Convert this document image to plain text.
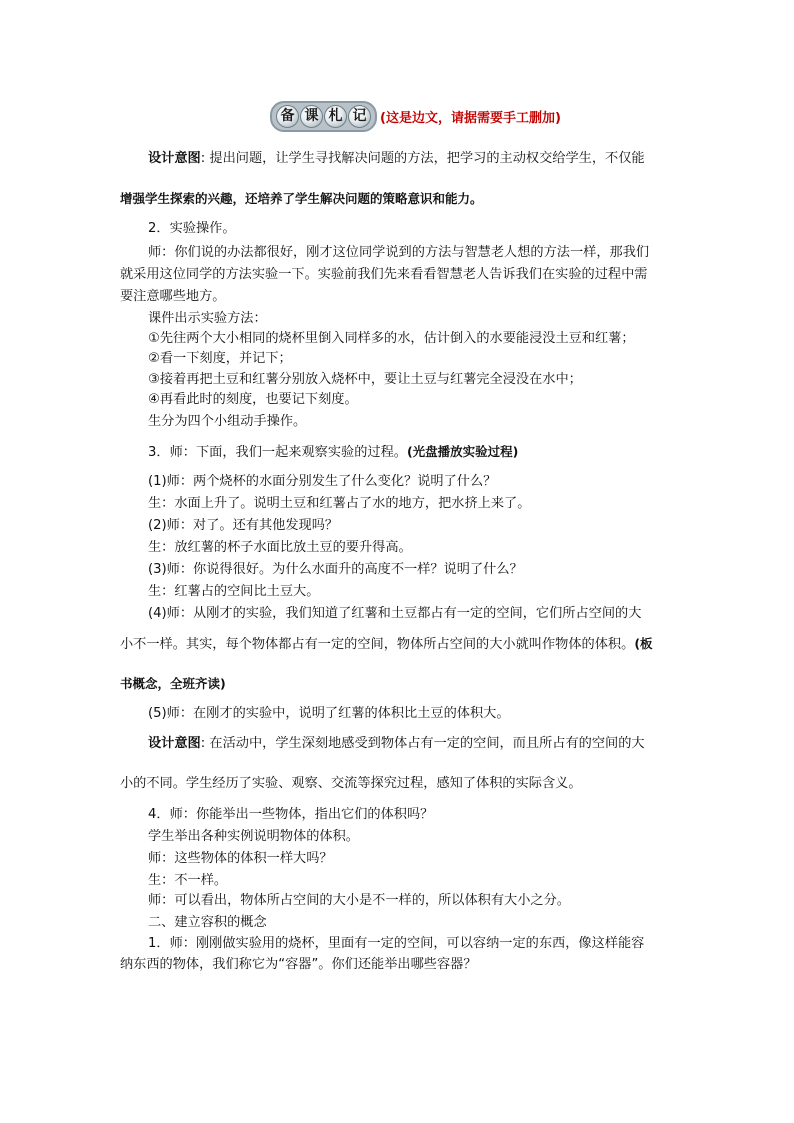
备 课 札 记	(这是边文，请据需要手工删加)
设计意图: 提出问题，让学生寻找解决问题的方法，把学习的主动权交给学生，不仅能
增强学生探索的兴趣，还培养了学生解决问题的策略意识和能力。
2．实验操作。
师：你们说的办法都很好，刚才这位同学说到的方法与智慧老人想的方法一样，那我们
就采用这位同学的方法实验一下。实验前我们先来看看智慧老人告诉我们在实验的过程中需
要注意哪些地方。
课件出示实验方法：
①先往两个大小相同的烧杯里倒入同样多的水，估计倒入的水要能浸没土豆和红薯；
②看一下刻度，并记下；
③接着再把土豆和红薯分别放入烧杯中，要让土豆与红薯完全浸没在水中；
④再看此时的刻度，也要记下刻度。
生分为四个小组动手操作。
3．师：下面，我们一起来观察实验的过程。(光盘播放实验过程)
(1)师：两个烧杯的水面分别发生了什么变化？说明了什么？
生：水面上升了。说明土豆和红薯占了水的地方，把水挤上来了。
(2)师：对了。还有其他发现吗？
生：放红薯的杯子水面比放土豆的要升得高。
(3)师：你说得很好。为什么水面升的高度不一样？说明了什么？
生：红薯占的空间比土豆大。
(4)师：从刚才的实验，我们知道了红薯和土豆都占有一定的空间，它们所占空间的大
小不一样。其实，每个物体都占有一定的空间，物体所占空间的大小就叫作物体的体积。(板
书概念，全班齐读)
(5)师：在刚才的实验中，说明了红薯的体积比土豆的体积大。
设计意图: 在活动中，学生深刻地感受到物体占有一定的空间，而且所占有的空间的大
小的不同。学生经历了实验、观察、交流等探究过程，感知了体积的实际含义。
4．师：你能举出一些物体，指出它们的体积吗？
学生举出各种实例说明物体的体积。
师：这些物体的体积一样大吗？
生：不一样。
师：可以看出，物体所占空间的大小是不一样的，所以体积有大小之分。
二、建立容积的概念
1．师：刚刚做实验用的烧杯，里面有一定的空间，可以容纳一定的东西，像这样能容
纳东西的物体，我们称它为“容器”。你们还能举出哪些容器？
